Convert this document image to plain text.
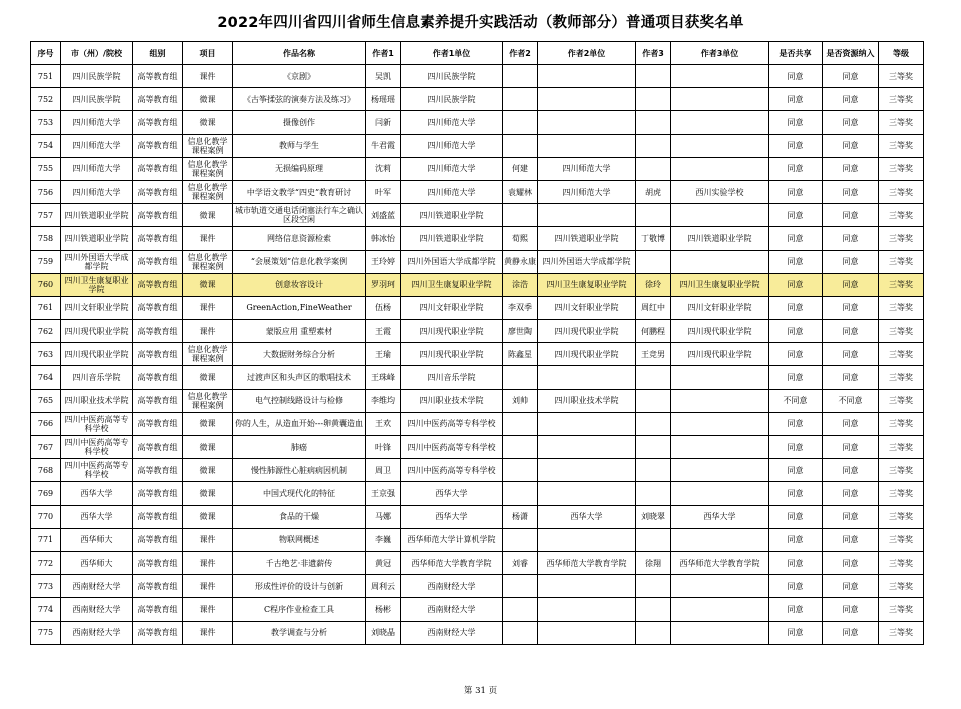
2022年四川省四川省师生信息素养提升实践活动（教师部分）普通项目获奖名单
序号	市（州）/院校	组别	项目	作品名称	作者1	作者1单位	作者2	作者2单位	作者3	作者3单位	是否共享	是否资源纳入	等级
751	四川民族学院	高等教育组	课件	《京剧》	吴凯	四川民族学院					同意	同意	三等奖
752	四川民族学院	高等教育组	微课	《古筝揉弦的演奏方法及练习》	杨瑶瑶	四川民族学院					同意	同意	三等奖
753	四川师范大学	高等教育组	微课	摄像创作	闫新	四川师范大学					同意	同意	三等奖
754	四川师范大学	高等教育组	信息化教学课程案例	教师与学生	牛君霞	四川师范大学					同意	同意	三等奖
755	四川师范大学	高等教育组	信息化教学课程案例	无损编码原理	沈莉	四川师范大学	何建	四川师范大学			同意	同意	三等奖
756	四川师范大学	高等教育组	信息化教学课程案例	中学语文教学“四史”教育研讨	叶军	四川师范大学	袁耀林	四川师范大学	胡虎	西川实验学校	同意	同意	三等奖
757	四川铁道职业学院	高等教育组	微课	城市轨道交通电话闭塞法行车之确认区段空闲	刘盛蓝	四川铁道职业学院					同意	同意	三等奖
758	四川铁道职业学院	高等教育组	课件	网络信息资源检索	韩冰怡	四川铁道职业学院	荀熙	四川铁道职业学院	丁敬博	四川铁道职业学院	同意	同意	三等奖
759	四川外国语大学成都学院	高等教育组	信息化教学课程案例	“会展策划”信息化教学案例	王玲婷	四川外国语大学成都学院	黄静永康	四川外国语大学成都学院			同意	同意	三等奖
760	四川卫生康复职业学院	高等教育组	微课	创意妆容设计	罗羽珂	四川卫生康复职业学院	涂浩	四川卫生康复职业学院	徐玲	四川卫生康复职业学院	同意	同意	三等奖
761	四川文轩职业学院	高等教育组	课件	GreenAction,FineWeather	伍杨	四川文轩职业学院	李双季	四川文轩职业学院	周红中	四川文轩职业学院	同意	同意	三等奖
762	四川现代职业学院	高等教育组	课件	蒙版应用 重塑素材	王霞	四川现代职业学院	廖世陶	四川现代职业学院	何鹏程	四川现代职业学院	同意	同意	三等奖
763	四川现代职业学院	高等教育组	信息化教学课程案例	大数据财务综合分析	王瑜	四川现代职业学院	陈鑫星	四川现代职业学院	王竞男	四川现代职业学院	同意	同意	三等奖
764	四川音乐学院	高等教育组	微课	过渡声区和头声区的歌唱技术	王珠峰	四川音乐学院					同意	同意	三等奖
765	四川职业技术学院	高等教育组	信息化教学课程案例	电气控制线路设计与检修	李维均	四川职业技术学院	刘帅	四川职业技术学院			不同意	不同意	三等奖
766	四川中医药高等专科学校	高等教育组	微课	你的人生，从造血开始---卵黄囊造血	王欢	四川中医药高等专科学校					同意	同意	三等奖
767	四川中医药高等专科学校	高等教育组	微课	肺癌	叶锋	四川中医药高等专科学校					同意	同意	三等奖
768	四川中医药高等专科学校	高等教育组	微课	慢性肺源性心脏病病因机制	周卫	四川中医药高等专科学校					同意	同意	三等奖
769	西华大学	高等教育组	微课	中国式现代化的特征	王京强	西华大学					同意	同意	三等奖
770	西华大学	高等教育组	微课	食品的干燥	马娜	西华大学	杨潇	西华大学	刘晓翠	西华大学	同意	同意	三等奖
771	西华师大	高等教育组	课件	物联网概述	李巍	西华师范大学计算机学院					同意	同意	三等奖
772	西华师大	高等教育组	课件	千古绝艺·非遗薪传	黄冠	西华师范大学教育学院	刘睿	西华师范大学教育学院	徐翔	西华师范大学教育学院	同意	同意	三等奖
773	西南财经大学	高等教育组	课件	形成性评价的设计与创新	周利云	西南财经大学					同意	同意	三等奖
774	西南财经大学	高等教育组	课件	C程序作业检查工具	杨彬	西南财经大学					同意	同意	三等奖
775	西南财经大学	高等教育组	课件	教学调查与分析	刘晓晶	西南财经大学					同意	同意	三等奖
第 31 页
